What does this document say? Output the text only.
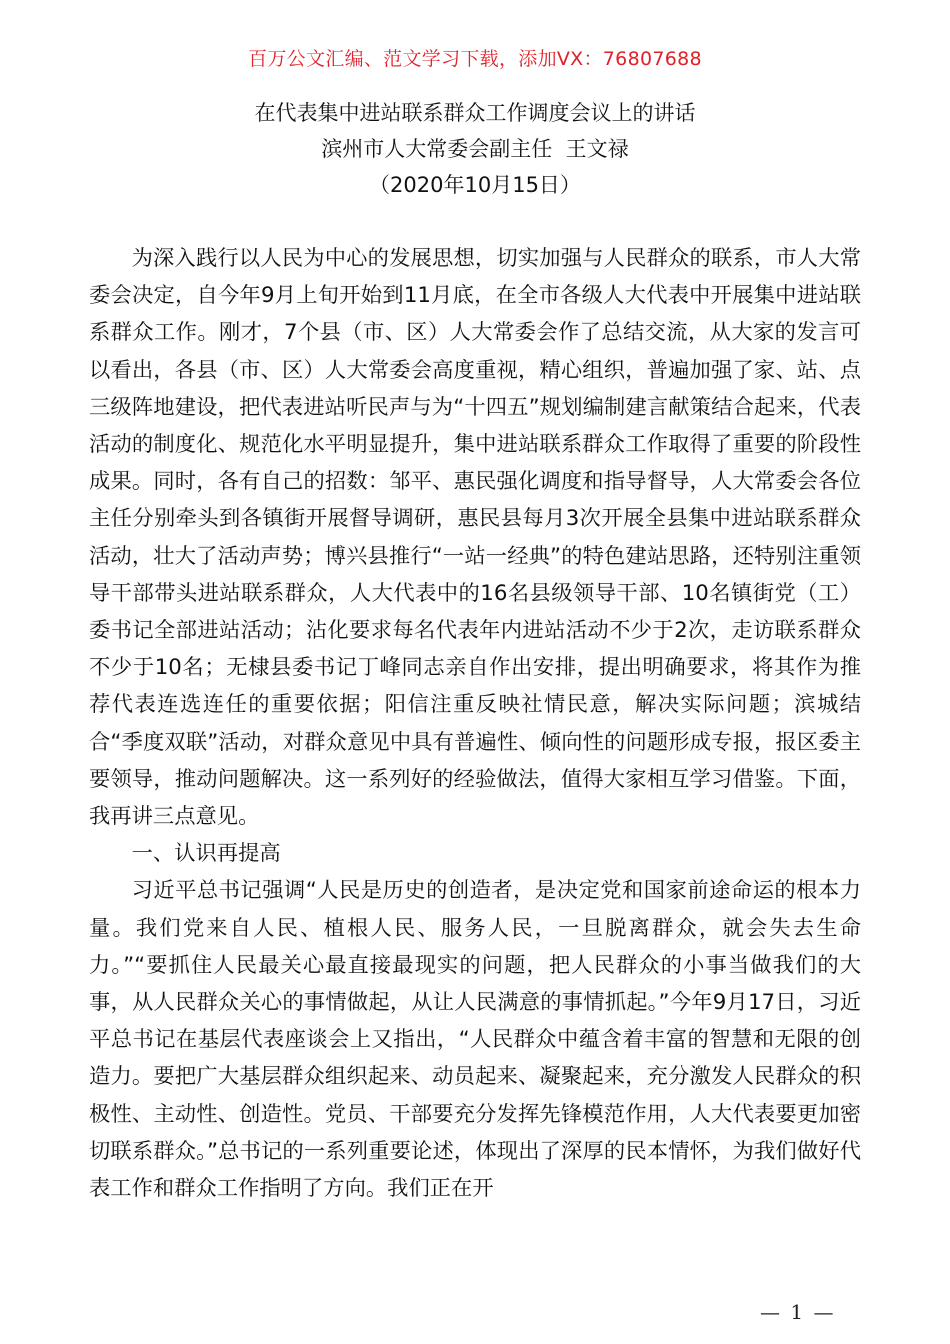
百万公文汇编、范文学习下载，添加VX：76807688
在代表集中进站联系群众工作调度会议上的讲话
滨州市人大常委会副主任  王文禄
（2020年10月15日）

为深入践行以人民为中心的发展思想，切实加强与人民群众的联系，市人大常委会决定，自今年9月上旬开始到11月底，在全市各级人大代表中开展集中进站联系群众工作。刚才，7个县（市、区）人大常委会作了总结交流，从大家的发言可以看出，各县（市、区）人大常委会高度重视，精心组织，普遍加强了家、站、点三级阵地建设，把代表进站听民声与为“十四五”规划编制建言献策结合起来，代表活动的制度化、规范化水平明显提升，集中进站联系群众工作取得了重要的阶段性成果。同时，各有自己的招数：邹平、惠民强化调度和指导督导，人大常委会各位主任分别牵头到各镇街开展督导调研，惠民县每月3次开展全县集中进站联系群众活动，壮大了活动声势；博兴县推行“一站一经典”的特色建站思路，还特别注重领导干部带头进站联系群众，人大代表中的16名县级领导干部、10名镇街党（工）委书记全部进站活动；沾化要求每名代表年内进站活动不少于2次，走访联系群众不少于10名；无棣县委书记丁峰同志亲自作出安排，提出明确要求，将其作为推荐代表连选连任的重要依据；阳信注重反映社情民意，解决实际问题；滨城结合“季度双联”活动，对群众意见中具有普遍性、倾向性的问题形成专报，报区委主要领导，推动问题解决。这一系列好的经验做法，值得大家相互学习借鉴。下面，我再讲三点意见。

一、认识再提高

习近平总书记强调“人民是历史的创造者，是决定党和国家前途命运的根本力量。我们党来自人民、植根人民、服务人民，一旦脱离群众，就会失去生命力。”“要抓住人民最关心最直接最现实的问题，把人民群众的小事当做我们的大事，从人民群众关心的事情做起，从让人民满意的事情抓起。”今年9月17日，习近平总书记在基层代表座谈会上又指出，“人民群众中蕴含着丰富的智慧和无限的创造力。要把广大基层群众组织起来、动员起来、凝聚起来，充分激发人民群众的积极性、主动性、创造性。党员、干部要充分发挥先锋模范作用，人大代表要更加密切联系群众。”总书记的一系列重要论述，体现出了深厚的民本情怀，为我们做好代表工作和群众工作指明了方向。我们正在开

— 1 —
